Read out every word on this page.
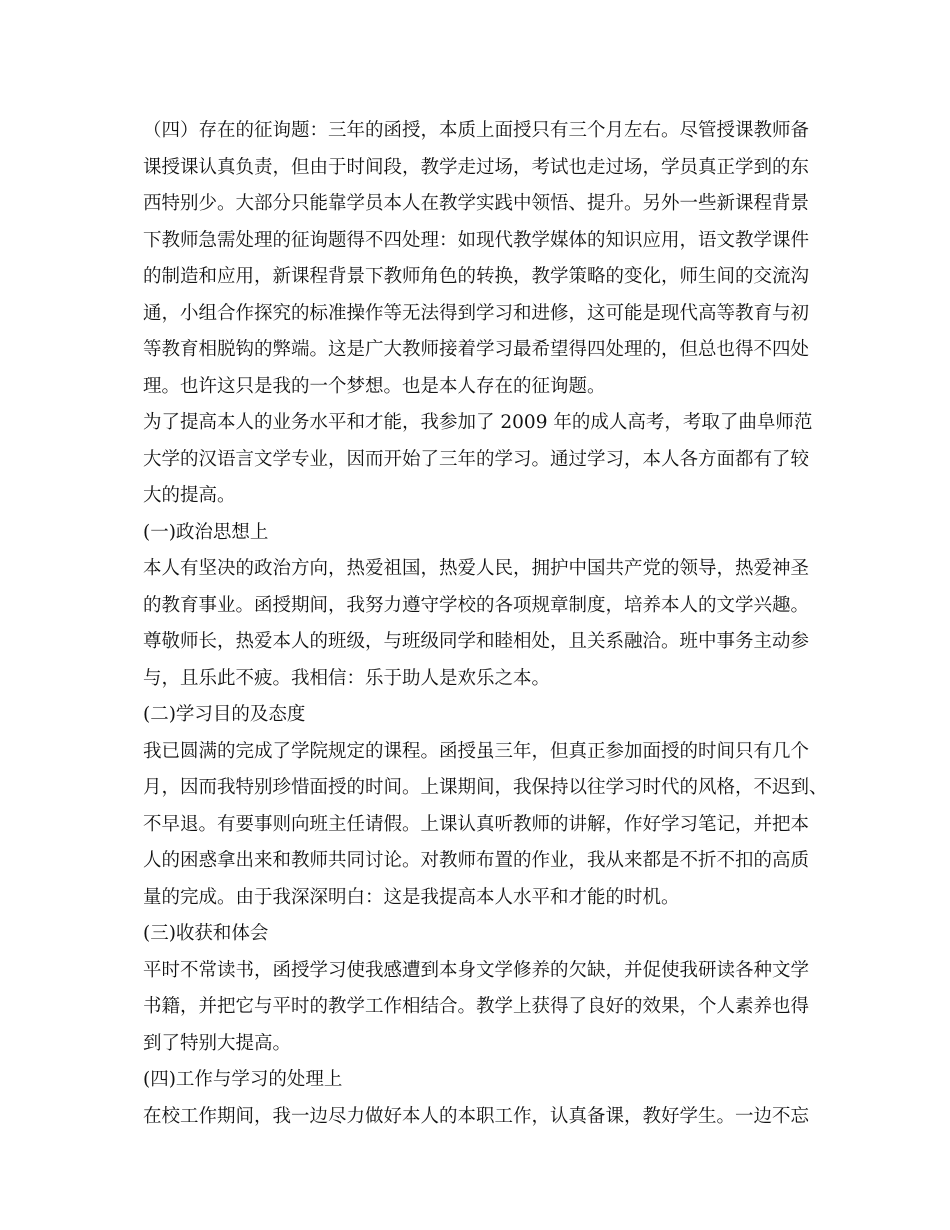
（四）存在的征询题：三年的函授，本质上面授只有三个月左右。尽管授课教师备
课授课认真负责，但由于时间段，教学走过场，考试也走过场，学员真正学到的东
西特别少。大部分只能靠学员本人在教学实践中领悟、提升。另外一些新课程背景
下教师急需处理的征询题得不四处理：如现代教学媒体的知识应用，语文教学课件
的制造和应用，新课程背景下教师角色的转换，教学策略的变化，师生间的交流沟
通，小组合作探究的标准操作等无法得到学习和进修，这可能是现代高等教育与初
等教育相脱钩的弊端。这是广大教师接着学习最希望得四处理的，但总也得不四处
理。也许这只是我的一个梦想。也是本人存在的征询题。
为了提高本人的业务水平和才能，我参加了 2009 年的成人高考，考取了曲阜师范
大学的汉语言文学专业，因而开始了三年的学习。通过学习，本人各方面都有了较
大的提高。
(一)政治思想上
本人有坚决的政治方向，热爱祖国，热爱人民，拥护中国共产党的领导，热爱神圣
的教育事业。函授期间，我努力遵守学校的各项规章制度，培养本人的文学兴趣。
尊敬师长，热爱本人的班级，与班级同学和睦相处，且关系融洽。班中事务主动参
与，且乐此不疲。我相信：乐于助人是欢乐之本。
(二)学习目的及态度
我已圆满的完成了学院规定的课程。函授虽三年，但真正参加面授的时间只有几个
月，因而我特别珍惜面授的时间。上课期间，我保持以往学习时代的风格，不迟到、
不早退。有要事则向班主任请假。上课认真听教师的讲解，作好学习笔记，并把本
人的困惑拿出来和教师共同讨论。对教师布置的作业，我从来都是不折不扣的高质
量的完成。由于我深深明白：这是我提高本人水平和才能的时机。
(三)收获和体会
平时不常读书，函授学习使我感遭到本身文学修养的欠缺，并促使我研读各种文学
书籍，并把它与平时的教学工作相结合。教学上获得了良好的效果，个人素养也得
到了特别大提高。
(四)工作与学习的处理上
在校工作期间，我一边尽力做好本人的本职工作，认真备课，教好学生。一边不忘
